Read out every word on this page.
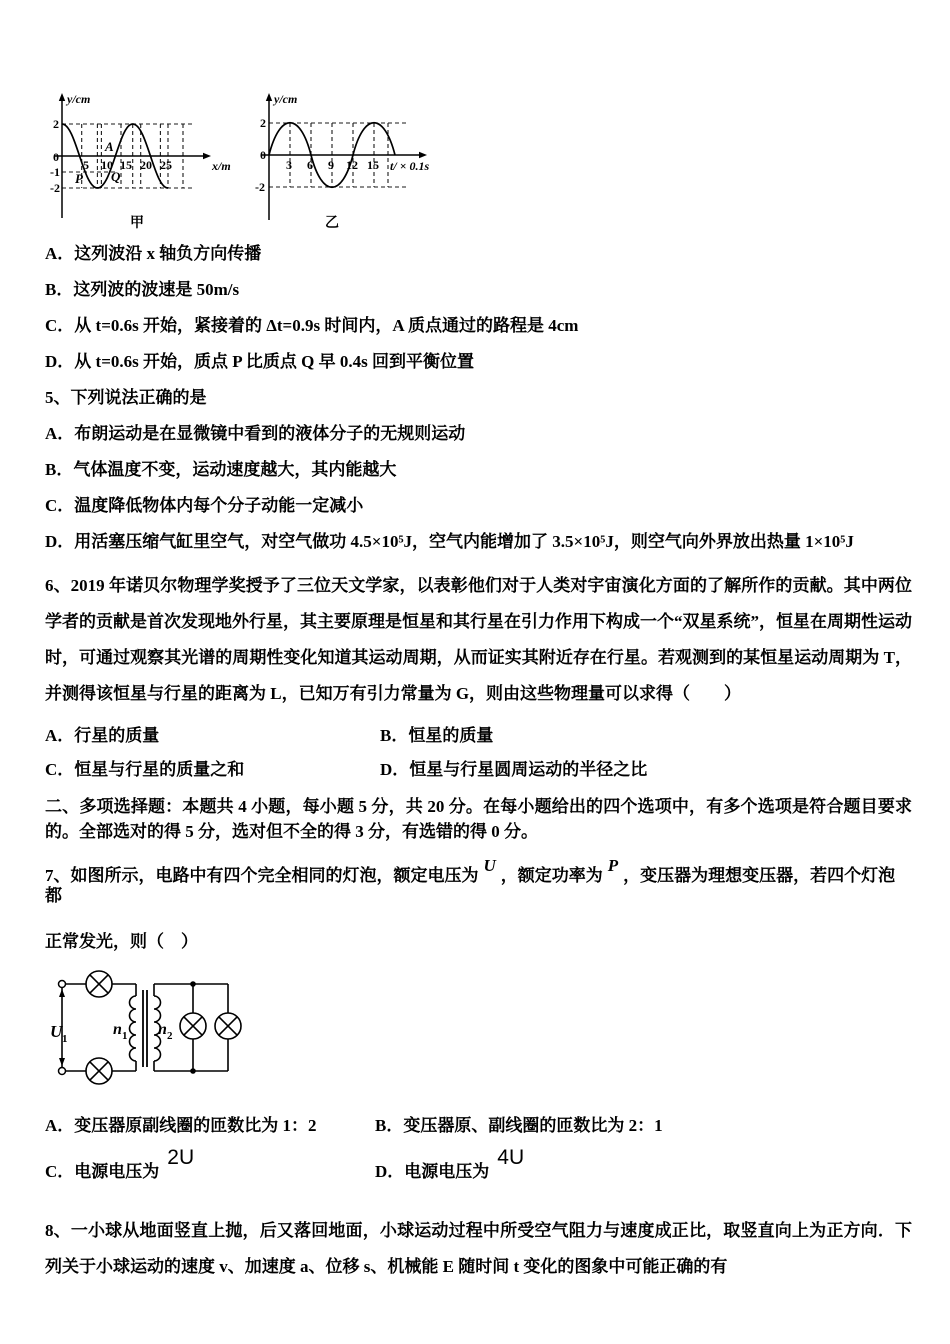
y/cm
2
0
-1
-2
5 10 15 20 25	x/m
A
P Q
甲
y/cm
2
0
-2
3 6 9 12 15 t/ × 0.1s
乙
A．这列波沿 x 轴负方向传播
B．这列波的波速是 50m/s
C．从 t=0.6s 开始，紧接着的 Δt=0.9s 时间内，A 质点通过的路程是 4cm
D．从 t=0.6s 开始，质点 P 比质点 Q 早 0.4s 回到平衡位置
5、下列说法正确的是
A．布朗运动是在显微镜中看到的液体分子的无规则运动
B．气体温度不变，运动速度越大，其内能越大
C．温度降低物体内每个分子动能一定减小
D．用活塞压缩气缸里空气，对空气做功 4.5×10⁵J，空气内能增加了 3.5×10⁵J，则空气向外界放出热量 1×10⁵J
6、2019 年诺贝尔物理学奖授予了三位天文学家，以表彰他们对于人类对宇宙演化方面的了解所作的贡献。其中两位学者的贡献是首次发现地外行星，其主要原理是恒星和其行星在引力作用下构成一个“双星系统”，恒星在周期性运动时，可通过观察其光谱的周期性变化知道其运动周期，从而证实其附近存在行星。若观测到的某恒星运动周期为 T，并测得该恒星与行星的距离为 L，已知万有引力常量为 G，则由这些物理量可以求得（　　）
A．行星的质量	B．恒星的质量
C．恒星与行星的质量之和	D．恒星与行星圆周运动的半径之比
二、多项选择题：本题共 4 小题，每小题 5 分，共 20 分。在每小题给出的四个选项中，有多个选项是符合题目要求的。全部选对的得 5 分，选对但不全的得 3 分，有选错的得 0 分。
7、如图所示，电路中有四个完全相同的灯泡，额定电压为U，额定功率为P，变压器为理想变压器，若四个灯泡都
正常发光，则（　）
U 1
n 1 n 2
A．变压器原副线圈的匝数比为 1：2	B．变压器原、副线圈的匝数比为 2：1
C．电源电压为2U
D．电源电压为4U
8、一小球从地面竖直上抛，后又落回地面，小球运动过程中所受空气阻力与速度成正比，取竖直向上为正方向．下列关于小球运动的速度 v、加速度 a、位移 s、机械能 E 随时间 t 变化的图象中可能正确的有
